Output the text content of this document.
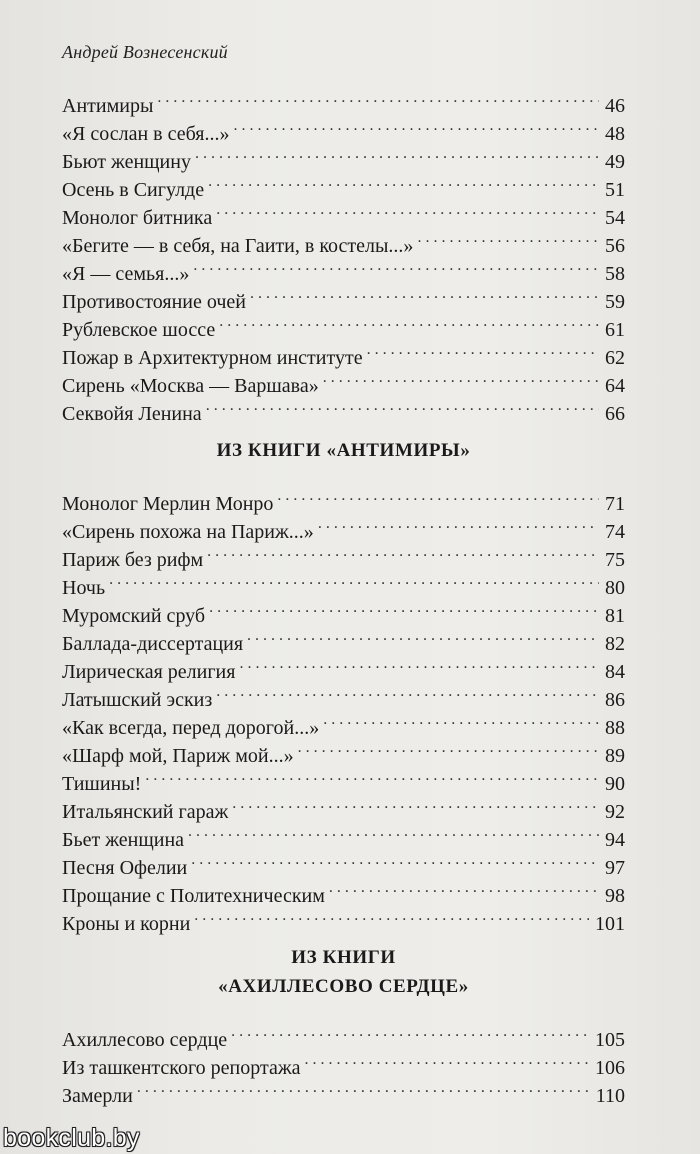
Андрей Вознесенский
Антимиры . . .	46
«Я сослан в себя...» . . .	48
Бьют женщину . . .	49
Осень в Сигулде . . .	51
Монолог битника . . .	54
«Бегите — в себя, на Гаити, в костелы...» . . .	56
«Я — семья...» . . .	58
Противостояние очей . . .	59
Рублевское шоссе . . .	61
Пожар в Архитектурном институте . . .	62
Сирень «Москва — Варшава» . . .	64
Секвойя Ленина . . .	66
ИЗ КНИГИ «АНТИМИРЫ»
Монолог Мерлин Монро . . .	71
«Сирень похожа на Париж...» . . .	74
Париж без рифм . . .	75
Ночь . . .	80
Муромский сруб . . .	81
Баллада-диссертация . . .	82
Лирическая религия . . .	84
Латышский эскиз . . .	86
«Как всегда, перед дорогой...» . . .	88
«Шарф мой, Париж мой...» . . .	89
Тишины! . . .	90
Итальянский гараж . . .	92
Бьет женщина . . .	94
Песня Офелии . . .	97
Прощание с Политехническим . . .	98
Кроны и корни . . .	101
ИЗ КНИГИ
«АХИЛЛЕСОВО СЕРДЦЕ»
Ахиллесово сердце . . .	105
Из ташкентского репортажа . . .	106
Замерли . . .	110
bookclub.by
